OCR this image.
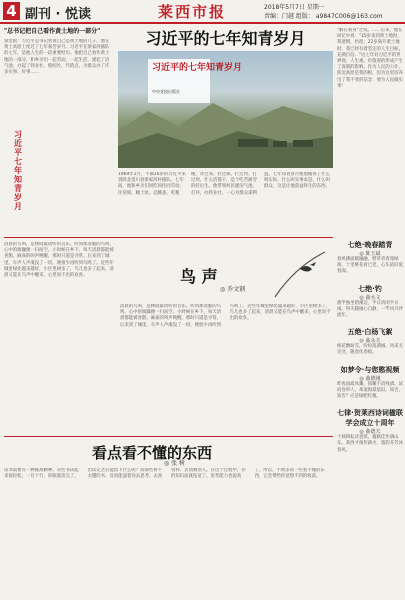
4 副刊 · 悦读	莱西市报	2018年5月7日 星期一
责编：门越 组版： a9847C006@163.com
"总书记把自己看作黄土地的一部分"
梁金银：习近平总书记曾说自己是黄土地的儿子，他在黄土高原上度过了七年艰苦岁月。习近平在梁家河插队的七年，是他人生的一段重要经历。他把自己看作黄土地的一部分，和乡亲们一起劳动、一起生活，建起了沼气池，办起了铁业社、缝纫社、代销点，为群众办了许多实事、好事……
习近平七年知青岁月
习近平的七年知青岁月
习近平的七年知青岁月
中央党校出版社
1969年1月，不满16岁的习近平来到陕北延川县梁家河村插队。七年间，他和乡亲们同吃同住同劳动，住窑洞、睡土炕、忍跳蚤、吃粗粮，背过粪、拉过煤、拦过河、打过坝，什么活都干，是个吃苦耐劳的好后生。他带领村民建沼气池、打井、办铁业社，一心为群众谋利益。七年知青岁月使他懂得了什么叫实际、什么叫实事求是、什么叫群众，这是让他获益终生的东西。
"解在我身"之说。……后来，他在回忆中说："15岁来到黄土地时，我迷惘、彷徨；22岁离开黄土地时，我已经有着坚定的人生目标，充满自信。"这七年对习近平的世界观、人生观、价值观的形成产生了深刻的影响。作为人民的公仆，陕北高原是我的根，因为这里培养出了我不变的信念：要为人民做实事！
清晨的鸟叫，是林间最动听的音乐。听到那清脆的鸟鸣，心中的烦躁便一扫而空。小时候在乡下，每天清晨都能被喜鹊、麻雀的叫声唤醒，那时只道是寻常。后来到了城里，车声人声淹没了一切，便很少再听到鸟鸣了。近些年城里绿化越来越好，小区里树多了，鸟儿也多了起来，清晨又能在鸟声中醒来，心里说不出的欢喜。	鸟 声
◎ 乔文钢
清晨的鸟叫，是林间最动听的音乐。听到那清脆的鸟鸣，心中的烦躁便一扫而空。小时候在乡下，每天清晨都能被喜鹊、麻雀的叫声唤醒，那时只道是寻常。后来到了城里，车声人声淹没了一切，便很少再听到鸟鸣了。近些年城里绿化越来越好，小区里树多了，鸟儿也多了起来，清晨又能在鸟声中醒来，心里说不出的欢喜。
七绝·晚春踏青
◎ 陈玉斌
春风拂面暖融融，野草青青漫绿荫。十里桃花看已老，心头依旧爱春深。
七绝·钓
◎ 曲水文
渔竿独坐碧溪边，半日清闲半日闲。得失随缘心自静，一竿风月伴流年。
五绝·白杨飞絮
◎ 曲永夫
杨花飘如雪，纷纷落满城。风来无定处，随意化春痕。
如梦令·与您憨视频
◎ 曲德刚
昨夜雨疏风骤，浓睡不消残酒。试问卷帘人，却道海棠依旧。知否，知否？应是绿肥红瘦。
七律·贺莱西诗词楹联学会成立十周年
◎ 曲德夫
十载耕耘诗意浓，楹联佳作满山东。莱西才俊传薪火，墨韵芬芳沐春风。
看点看不懂的东西
◎ 张 树
读书需要有一种挑战精神。有些书读起来很轻松，一目十行，转眼就读完了，但读完之后能留下什么呢？而那些看不太懂的书，反而能逼着你去思考、去查资料、去请教别人。在这个过程中，你的知识面就拓宽了，思考能力也提高了。所以，不妨多读一些看不懂的东西，它会带给你意想不到的收获。
